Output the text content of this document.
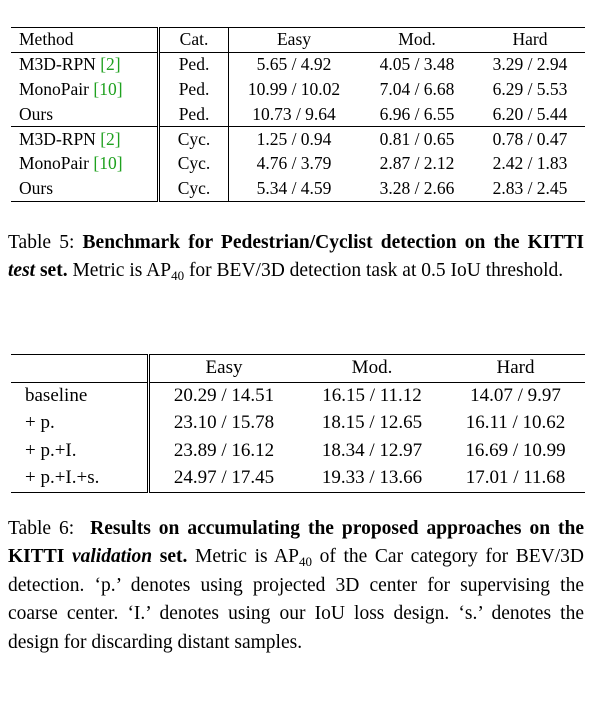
Method	Cat.	Easy	Mod.	Hard
M3D-RPN [2]	Ped.	5.65 / 4.92	4.05 / 3.48	3.29 / 2.94
MonoPair [10]	Ped.	10.99 / 10.02	7.04 / 6.68	6.29 / 5.53
Ours	Ped.	10.73 / 9.64	6.96 / 6.55	6.20 / 5.44
M3D-RPN [2]	Cyc.	1.25 / 0.94	0.81 / 0.65	0.78 / 0.47
MonoPair [10]	Cyc.	4.76 / 3.79	2.87 / 2.12	2.42 / 1.83
Ours	Cyc.	5.34 / 4.59	3.28 / 2.66	2.83 / 2.45
Table 5: Benchmark for Pedestrian/Cyclist detection on the KITTI test set. Metric is $AP_{40}$ for BEV/3D detection task at 0.5 IoU threshold.
	Easy	Mod.	Hard
baseline	20.29 / 14.51	16.15 / 11.12	14.07 / 9.97
+ p.	23.10 / 15.78	18.15 / 12.65	16.11 / 10.62
+ p.+I.	23.89 / 16.12	18.34 / 12.97	16.69 / 10.99
+ p.+I.+s.	24.97 / 17.45	19.33 / 13.66	17.01 / 11.68
Table 6: Results on accumulating the proposed approaches on the KITTI validation set. Metric is $AP_{40}$ of the Car category for BEV/3D detection. ‘p.’ denotes using projected 3D center for supervising the coarse center. ‘I.’ denotes using our IoU loss design. ‘s.’ denotes the design for discarding distant samples.
